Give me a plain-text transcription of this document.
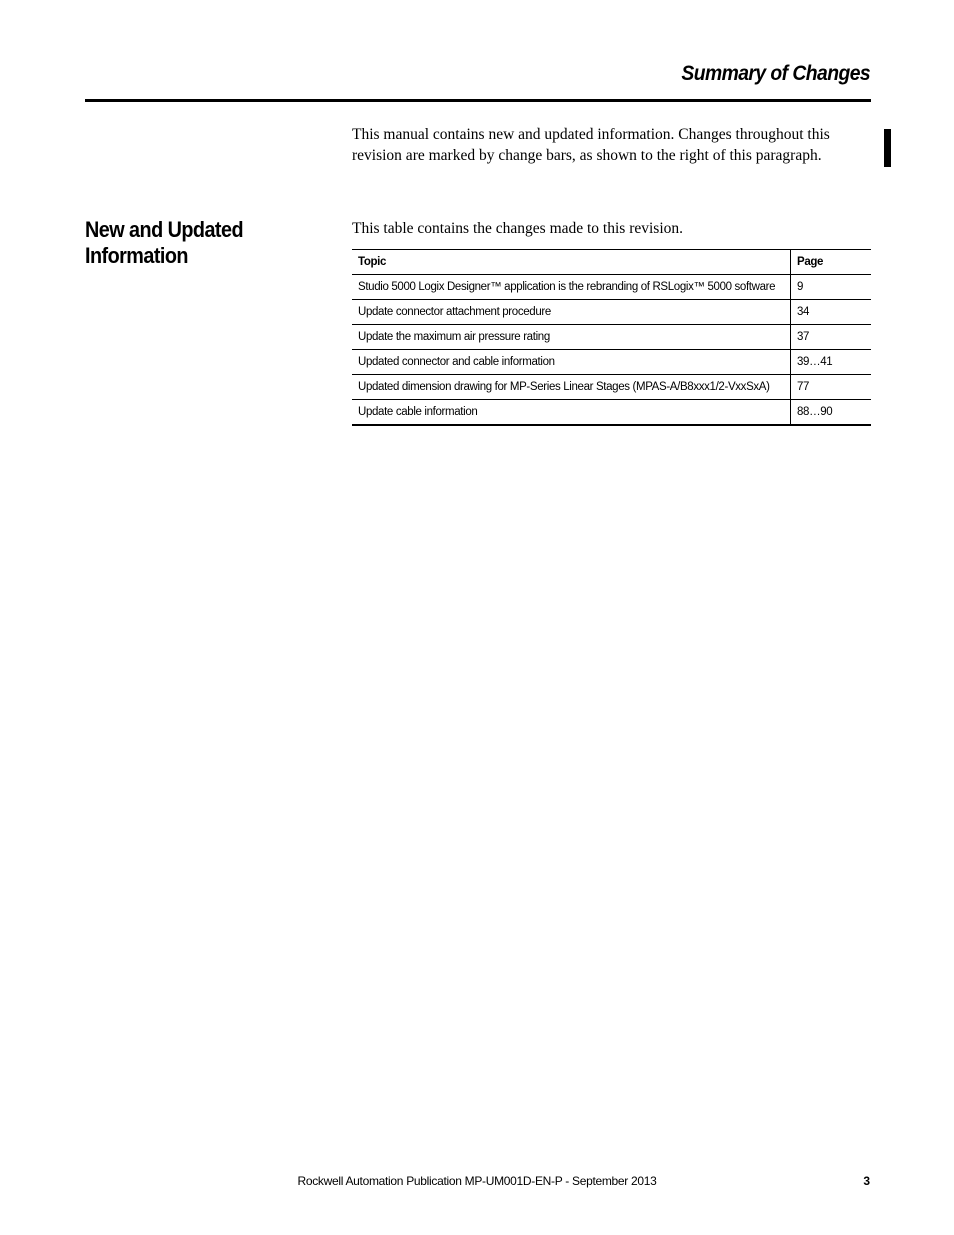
Summary of Changes

This manual contains new and updated information. Changes throughout this revision are marked by change bars, as shown to the right of this paragraph.

New and Updated Information

This table contains the changes made to this revision.

Topic	Page
Studio 5000 Logix Designer™ application is the rebranding of RSLogix™ 5000 software	9
Update connector attachment procedure	34
Update the maximum air pressure rating	37
Updated connector and cable information	39…41
Updated dimension drawing for MP-Series Linear Stages (MPAS-A/B8xxx1/2-VxxSxA)	77
Update cable information	88…90
Rockwell Automation Publication MP-UM001D-EN-P - September 2013	3
